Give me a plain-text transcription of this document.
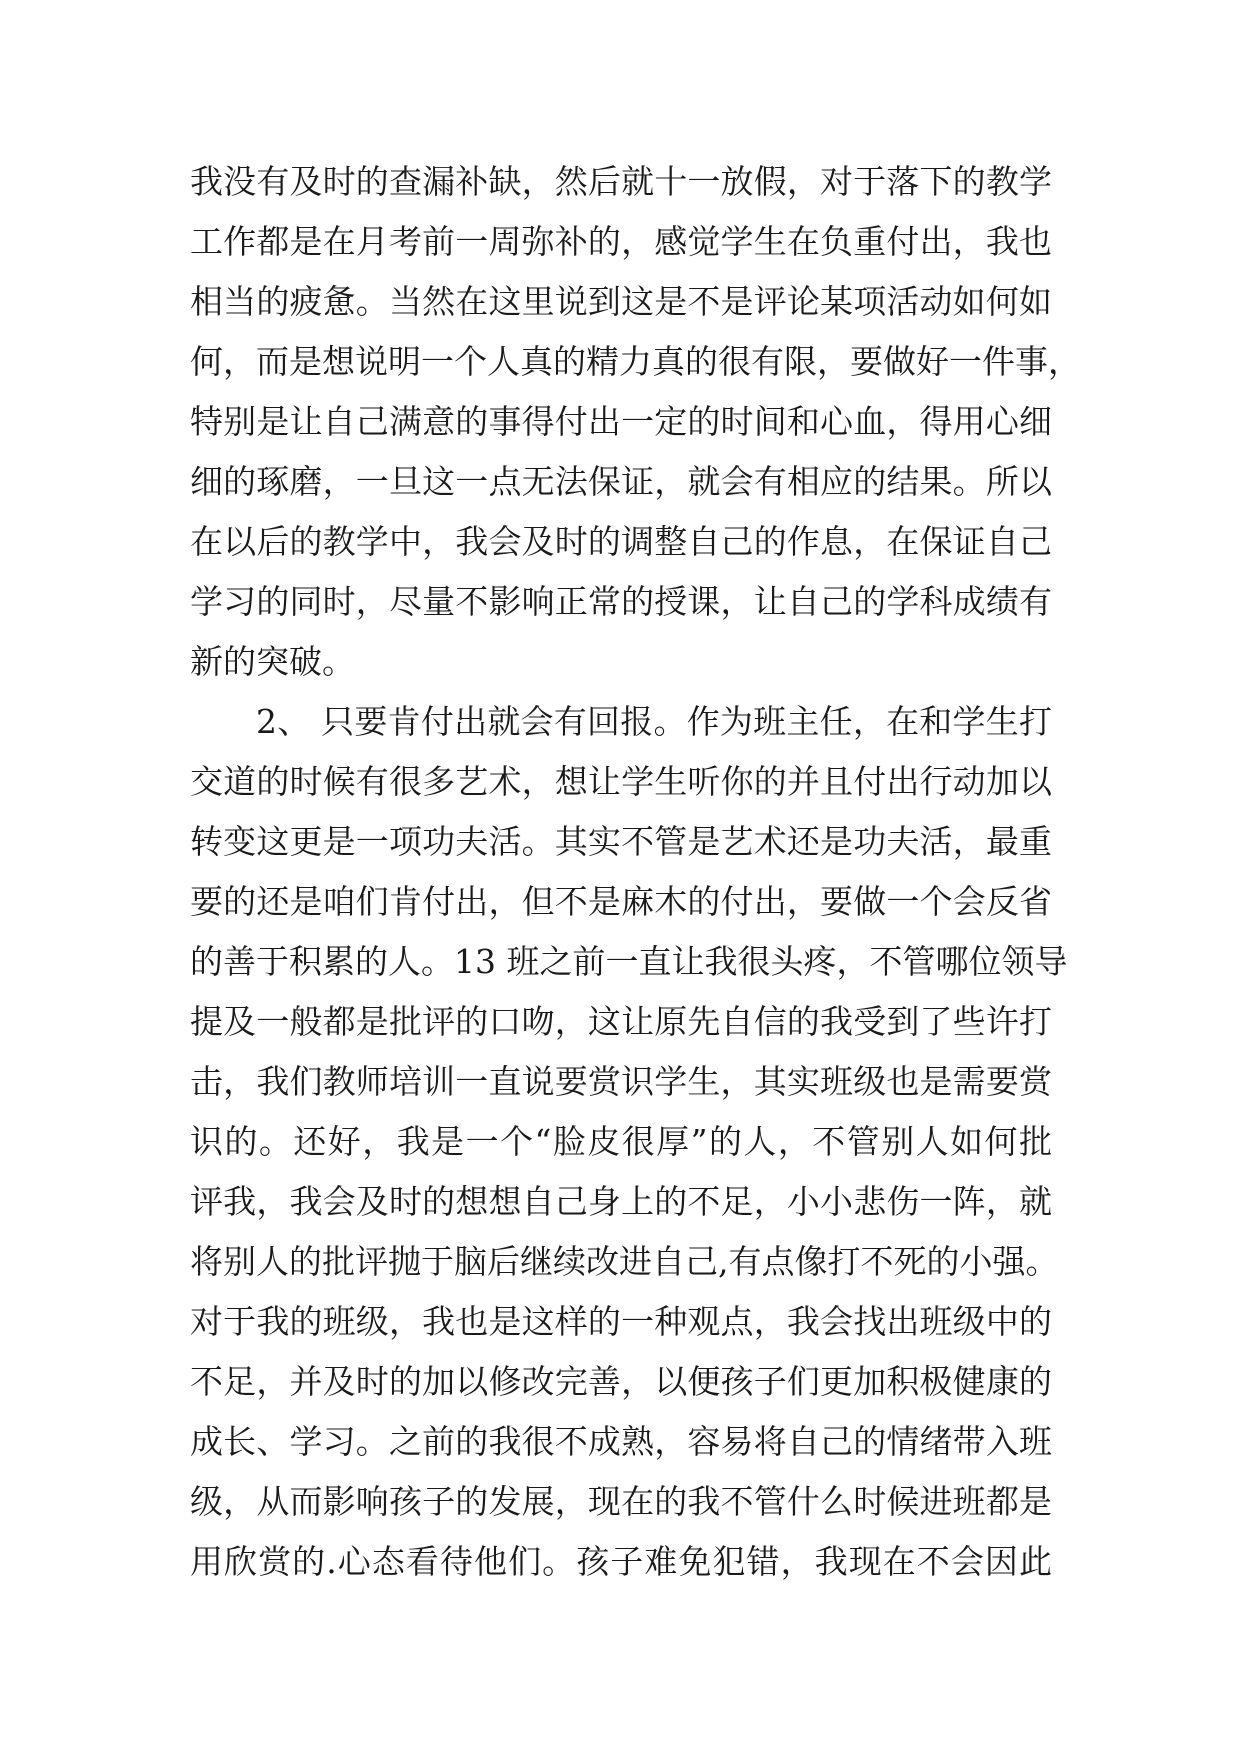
我没有及时的查漏补缺，然后就十一放假，对于落下的教学
工作都是在月考前一周弥补的，感觉学生在负重付出，我也
相当的疲惫。当然在这里说到这是不是评论某项活动如何如
何，而是想说明一个人真的精力真的很有限，要做好一件事，
特别是让自己满意的事得付出一定的时间和心血，得用心细
细的琢磨，一旦这一点无法保证，就会有相应的结果。所以
在以后的教学中，我会及时的调整自己的作息，在保证自己
学习的同时，尽量不影响正常的授课，让自己的学科成绩有
新的突破。
2、 只要肯付出就会有回报。作为班主任，在和学生打
交道的时候有很多艺术，想让学生听你的并且付出行动加以
转变这更是一项功夫活。其实不管是艺术还是功夫活，最重
要的还是咱们肯付出，但不是麻木的付出，要做一个会反省
的善于积累的人。13 班之前一直让我很头疼，不管哪位领导
提及一般都是批评的口吻，这让原先自信的我受到了些许打
击，我们教师培训一直说要赏识学生，其实班级也是需要赏
识的。还好，我是一个“脸皮很厚”的人，不管别人如何批
评我，我会及时的想想自己身上的不足，小小悲伤一阵，就
将别人的批评抛于脑后继续改进自己,有点像打不死的小强。
对于我的班级，我也是这样的一种观点，我会找出班级中的
不足，并及时的加以修改完善，以便孩子们更加积极健康的
成长、学习。之前的我很不成熟，容易将自己的情绪带入班
级，从而影响孩子的发展，现在的我不管什么时候进班都是
用欣赏的.心态看待他们。孩子难免犯错，我现在不会因此
